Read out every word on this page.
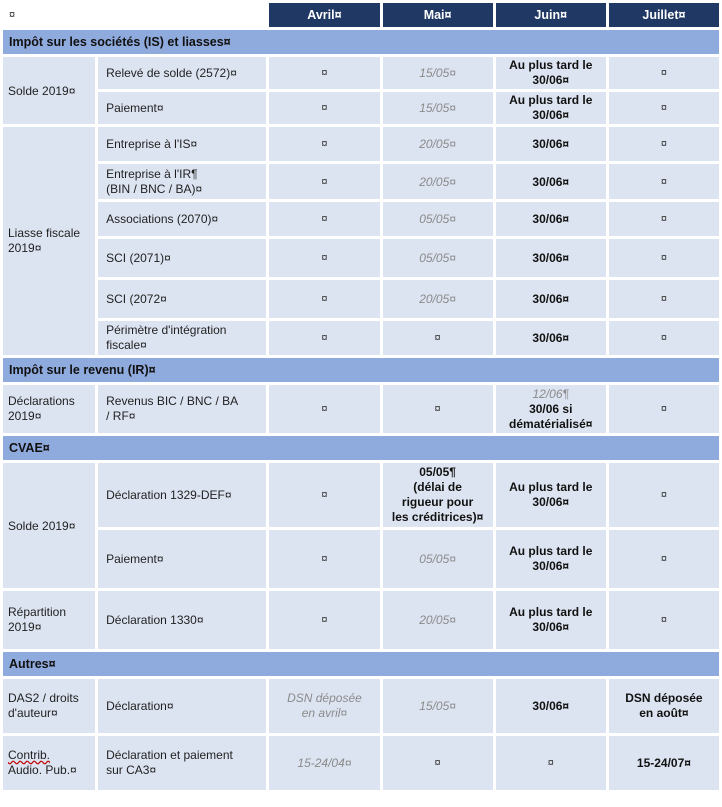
¤		Avril¤	Mai¤	Juin¤	Juillet¤
Impôt sur les sociétés (IS) et liasses¤					
Solde 2019¤	Relevé de solde (2572)¤	¤	15/05¤	Au plus tard le
30/06¤	¤
	Paiement¤	¤	15/05¤	Au plus tard le
30/06¤	¤

Liasse fiscale
2019¤	Entreprise à l'IS¤	¤	20/05¤	30/06¤	¤

	Entreprise à l'IR¶
(BIN / BNC / BA)¤	¤	20/05¤	30/06¤	¤
	Associations (2070)¤	¤	05/05¤	30/06¤	¤
	SCI (2071)¤	¤	05/05¤	30/06¤	¤
	SCI (2072¤	¤	20/05¤	30/06¤	¤

	Périmètre d'intégration
fiscale¤	¤	¤	30/06¤	¤
Impôt sur le revenu (IR)¤					

Déclarations
2019¤	Revenus BIC / BNC / BA
/ RF¤	¤	¤	12/06¶
30/06 si
dématérialisé¤	¤
CVAE¤					
Solde 2019¤	Déclaration 1329-DEF¤	¤	05/05¶
(délai de
rigueur pour
les créditrices)¤	Au plus tard le
30/06¤	¤
	Paiement¤	¤	05/05¤	Au plus tard le
30/06¤	¤

Répartition
2019¤	Déclaration 1330¤	¤	20/05¤	Au plus tard le
30/06¤	¤
Autres¤					

DAS2 / droits
d'auteur¤	Déclaration¤	DSN déposée
en avril¤	15/05¤	30/06¤	DSN déposée
en août¤

Contrib.
Audio. Pub.¤	Déclaration et paiement
sur CA3¤	15-24/04¤	¤	¤	15-24/07¤
